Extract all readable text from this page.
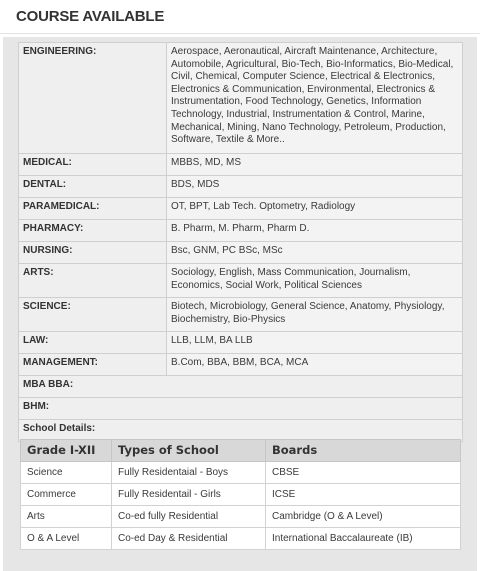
COURSE AVAILABLE
ENGINEERING:	Aerospace, Aeronautical, Aircraft Maintenance, Architecture, Automobile, Agricultural, Bio-Tech, Bio-Informatics, Bio-Medical, Civil, Chemical, Computer Science, Electrical & Electronics, Electronics & Communication, Environmental, Electronics & Instrumentation, Food Technology, Genetics, Information Technology, Industrial, Instrumentation & Control, Marine, Mechanical, Mining, Nano Technology, Petroleum, Production, Software, Textile & More..
MEDICAL:	MBBS, MD, MS
DENTAL:	BDS, MDS
PARAMEDICAL:	OT, BPT, Lab Tech. Optometry, Radiology
PHARMACY:	B. Pharm, M. Pharm, Pharm D.
NURSING:	Bsc, GNM, PC BSc, MSc
ARTS:	Sociology, English, Mass Communication, Journalism, Economics, Social Work, Political Sciences
SCIENCE:	Biotech, Microbiology, General Science, Anatomy, Physiology, Biochemistry, Bio-Physics
LAW:	LLB, LLM, BA LLB
MANAGEMENT:	B.Com, BBA, BBM, BCA, MCA
MBA BBA:	
BHM:	
School Details:	
Grade I-XII	Types of School	Boards
Science	Fully Residentaial - Boys	CBSE
Commerce	Fully Residentail - Girls	ICSE
Arts	Co-ed fully Residential	Cambridge (O & A Level)
O & A Level	Co-ed Day & Residential	International Baccalaureate (IB)
